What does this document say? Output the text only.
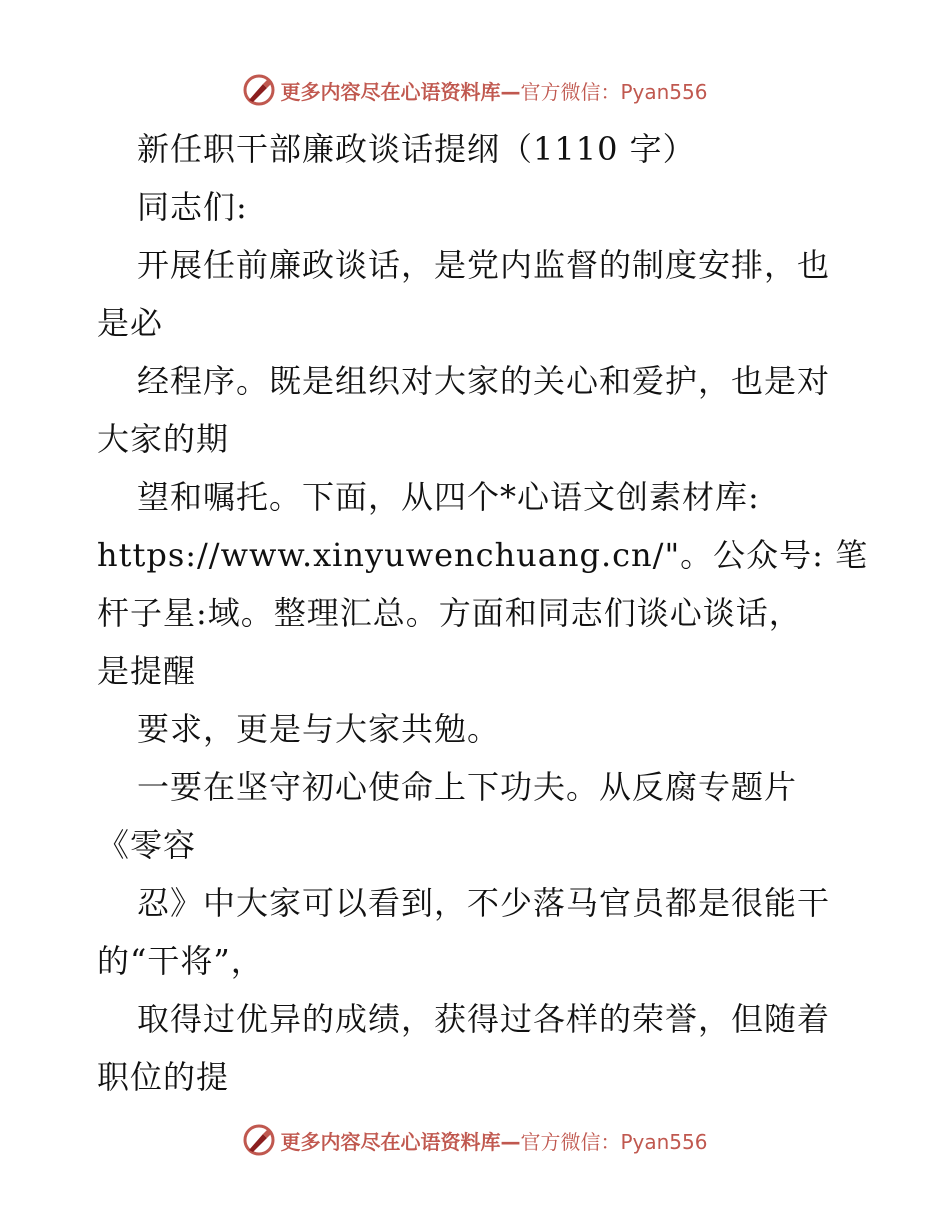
更多内容尽在心语资料库—官方微信：Pyan556
新任职干部廉政谈话提纲（1110 字）
同志们:
开展任前廉政谈话，是党内监督的制度安排，也
是必
经程序。既是组织对大家的关心和爱护，也是对
大家的期
望和嘱托。下面，从四个*心语文创素材库:
https://www.xinyuwenchuang.cn/"。公众号: 笔
杆子星:域。整理汇总。方面和同志们谈心谈话，
是提醒
要求，更是与大家共勉。
一要在坚守初心使命上下功夫。从反腐专题片
《零容
忍》中大家可以看到，不少落马官员都是很能干
的“干将”，
取得过优异的成绩，获得过各样的荣誉，但随着
职位的提
更多内容尽在心语资料库—官方微信：Pyan556
